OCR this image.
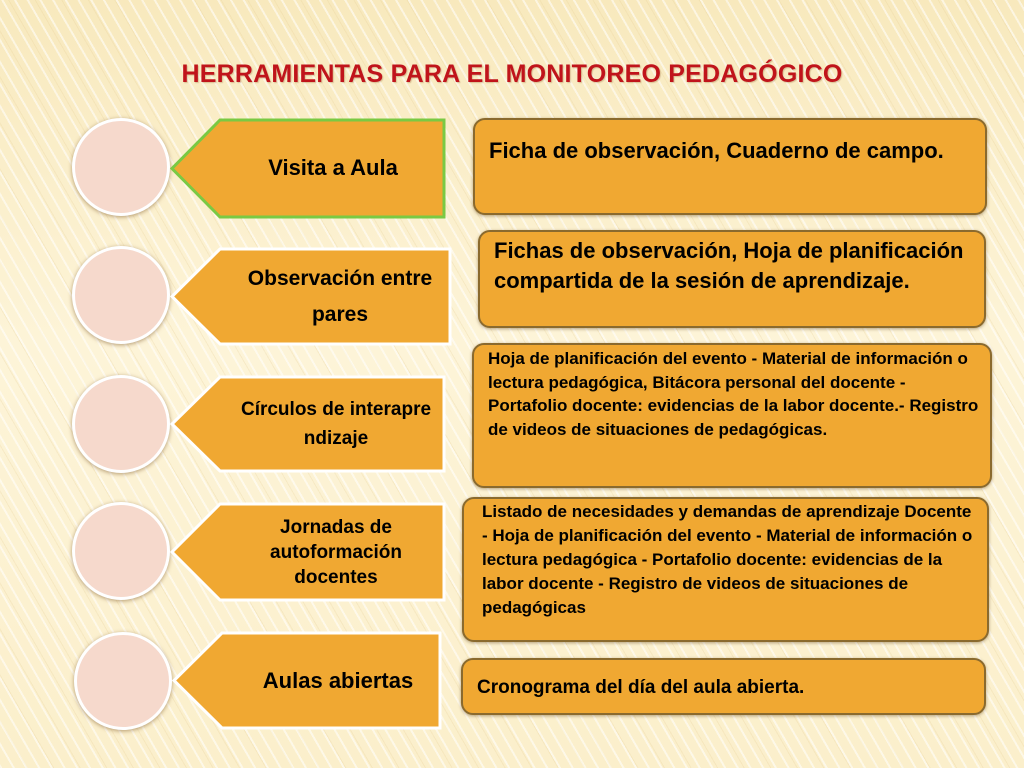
HERRAMIENTAS PARA EL MONITOREO PEDAGÓGICO
Visita a Aula
Ficha de observación, Cuaderno de campo.
Observación entre pares
Fichas de observación, Hoja de planificación compartida de la sesión de aprendizaje.
Círculos de interaprendizaje
Hoja de planificación del evento - Material de información o lectura pedagógica, Bitácora personal del docente - Portafolio docente: evidencias de la labor docente.- Registro de videos de situaciones de pedagógicas.
Jornadas de autoformación docentes
Listado de necesidades y demandas de aprendizaje Docente - Hoja de planificación del evento - Material de información o lectura pedagógica - Portafolio docente: evidencias de la labor docente - Registro de videos de situaciones de pedagógicas
Aulas abiertas	Cronograma del día del aula abierta.
